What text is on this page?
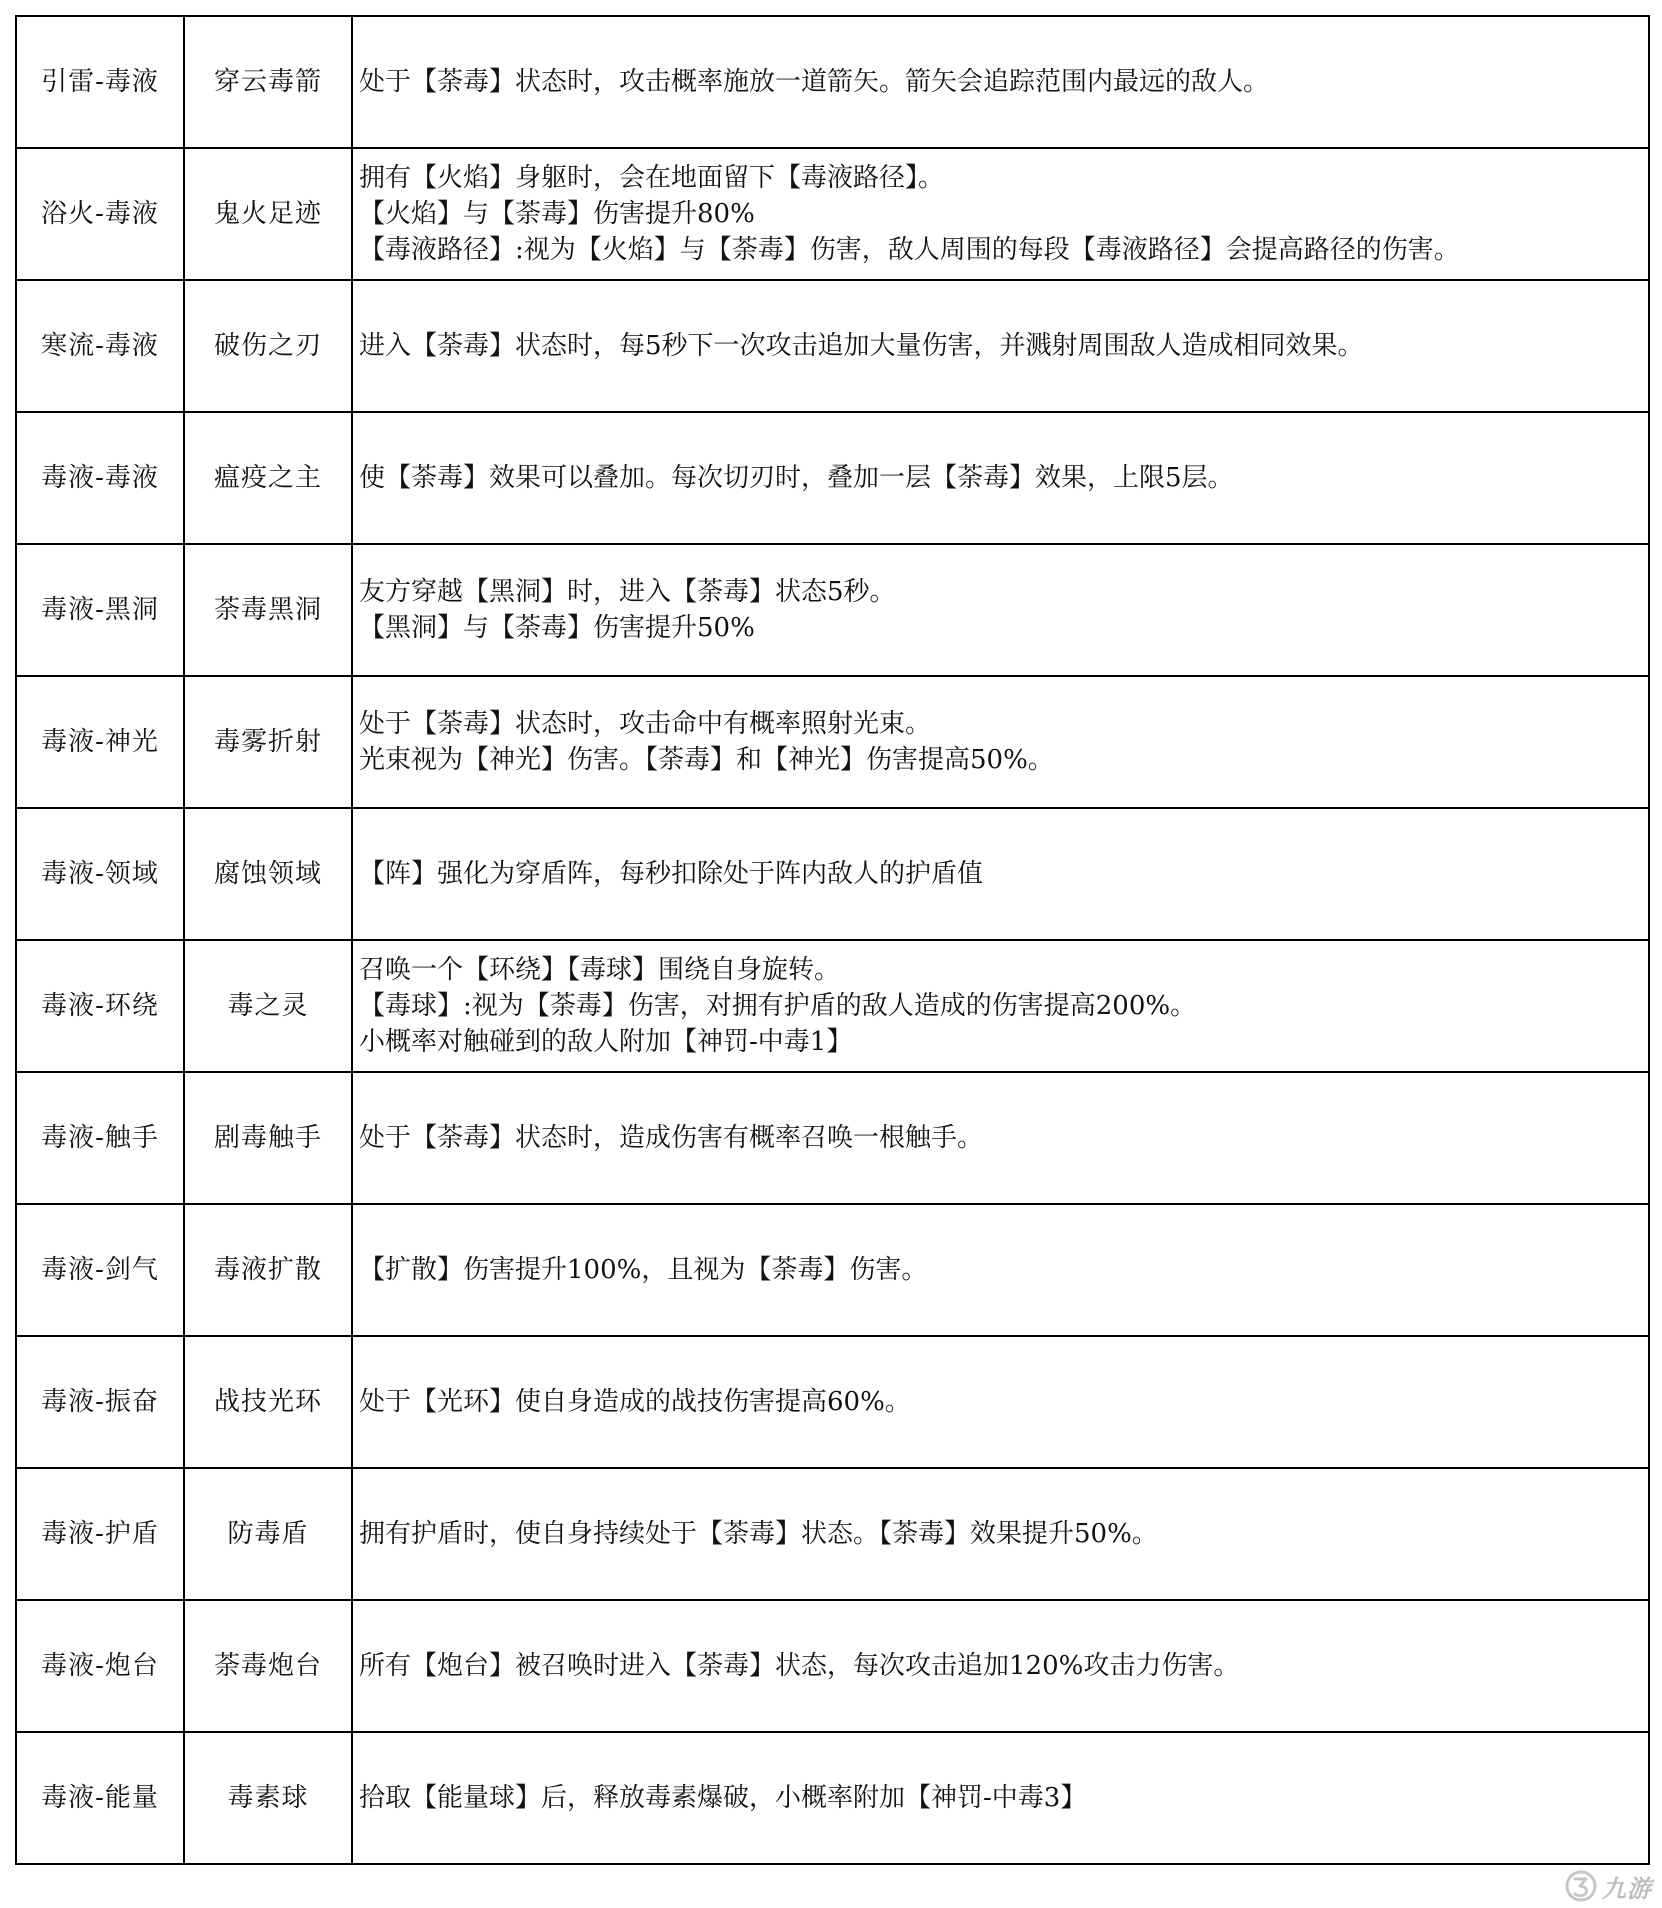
引雷-毒液	穿云毒箭	处于【荼毒】状态时，攻击概率施放一道箭矢。箭矢会追踪范围内最远的敌人。

浴火-毒液	鬼火足迹	拥有【火焰】身躯时，会在地面留下【毒液路径】。
【火焰】与【荼毒】伤害提升80%
【毒液路径】:视为【火焰】与【荼毒】伤害，敌人周围的每段【毒液路径】会提高路径的伤害。

寒流-毒液	破伤之刃	进入【荼毒】状态时，每5秒下一次攻击追加大量伤害，并溅射周围敌人造成相同效果。

毒液-毒液	瘟疫之主	使【荼毒】效果可以叠加。每次切刃时，叠加一层【荼毒】效果，上限5层。

毒液-黑洞	荼毒黑洞	友方穿越【黑洞】时，进入【荼毒】状态5秒。
【黑洞】与【荼毒】伤害提升50%

毒液-神光	毒雾折射	处于【荼毒】状态时，攻击命中有概率照射光束。
光束视为【神光】伤害。【荼毒】和【神光】伤害提高50%。

毒液-领域	腐蚀领域	【阵】强化为穿盾阵，每秒扣除处于阵内敌人的护盾值

毒液-环绕	毒之灵	召唤一个【环绕】【毒球】围绕自身旋转。
【毒球】:视为【荼毒】伤害，对拥有护盾的敌人造成的伤害提高200%。
小概率对触碰到的敌人附加【神罚-中毒1】

毒液-触手	剧毒触手	处于【荼毒】状态时，造成伤害有概率召唤一根触手。

毒液-剑气	毒液扩散	【扩散】伤害提升100%，且视为【荼毒】伤害。

毒液-振奋	战技光环	处于【光环】使自身造成的战技伤害提高60%。

毒液-护盾	防毒盾	拥有护盾时，使自身持续处于【荼毒】状态。【荼毒】效果提升50%。

毒液-炮台	荼毒炮台	所有【炮台】被召唤时进入【荼毒】状态，每次攻击追加120%攻击力伤害。

毒液-能量	毒素球	拾取【能量球】后，释放毒素爆破，小概率附加【神罚-中毒3】
九游
